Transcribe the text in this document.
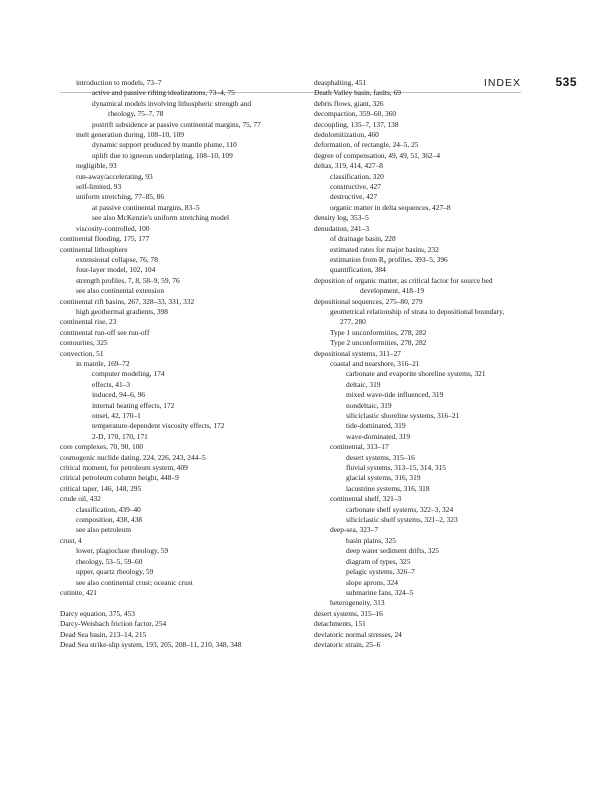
INDEX	535
introduction to models, 73–7
active and passive rifting idealizations, 73–4, 75
dynamical models involving lithospheric strength and
rheology, 75–7, 78
postrift subsidence at passive continental margins, 75, 77
melt generation during, 108–10, 109
dynamic support produced by mantle plume, 110
uplift due to igneous underplating, 108–10, 109
negligible, 93
run-away/accelerating, 93
self-limited, 93
uniform stretching, 77–85, 86
at passive continental margins, 83–5
see also McKenzie's uniform stretching model
viscosity-controlled, 100
continental flooding, 175, 177
continental lithosphere
extensional collapse, 76, 78
four-layer model, 102, 104
strength profiles, 7, 8, 58–9, 59, 76
see also continental extension
continental rift basins, 267, 328–33, 331, 332
high geothermal gradients, 398
continental rise, 23
continental run-off see run-off
contourites, 325
convection, 51
in mantle, 169–72
computer modeling, 174
effects, 41–3
induced, 94–6, 96
internal heating effects, 172
onset, 42, 170–1
temperature-dependent viscosity effects, 172
2-D, 170, 170, 171
core complexes, 70, 90, 100
cosmogenic nuclide dating, 224, 226, 243, 244–5
critical moment, for petroleum system, 409
critical petroleum column height, 448–9
critical taper, 146, 148, 295
crude oil, 432
classification, 439–40
composition, 438, 438
see also petroleum
crust, 4
lower, plagioclase rheology, 59
rheology, 53–5, 59–60
upper, quartz rheology, 59
see also continental crust; oceanic crust
cutinite, 421
Darcy equation, 375, 453
Darcy-Weisbach friction factor, 254
Dead Sea basin, 213–14, 215
Dead Sea strike-slip system, 193, 205, 208–11, 210, 348, 348
deasphalting, 451
Death Valley basin, faults, 69
debris flows, giant, 326
decompaction, 359–60, 360
decoupling, 135–7, 137, 138
dedolomitization, 460
deformation, of rectangle, 24–5, 25
degree of compensation, 49, 49, 51, 362–4
deltas, 319, 414, 427–8
classification, 320
constructive, 427
destructive, 427
organic matter in delta sequences, 427–8
density log, 353–5
denudation, 241–3
of drainage basin, 228
estimated rates for major basins, 232
estimation from R₀ profiles, 393–5, 396
quantification, 384
deposition of organic matter, as critical factor for source bed
development, 418–19
depositional sequences, 275–80, 279
geometrical relationship of strata to depositional boundary,
277, 280
Type 1 unconformities, 278, 282
Type 2 unconformities, 278, 282
depositional systems, 311–27
coastal and nearshore, 316–21
carbonate and evaporite shoreline systems, 321
deltaic, 319
mixed wave-tide influenced, 319
nondeltaic, 319
siliciclastic shoreline systems, 316–21
tide-dominated, 319
wave-dominated, 319
continental, 313–17
desert systems, 315–16
fluvial systems, 313–15, 314, 315
glacial systems, 316, 319
lacustrine systems, 316, 318
continental shelf, 321–3
carbonate shelf systems, 322–3, 324
siliciclastic shelf systems, 321–2, 323
deep-sea, 323–7
basin plains, 325
deep water sediment drifts, 325
diagram of types, 325
pelagic systems, 326–7
slope aprons, 324
submarine fans, 324–5
heterogeneity, 313
desert systems, 315–16
detachments, 151
deviatoric normal stresses, 24
deviatoric strain, 25–6
